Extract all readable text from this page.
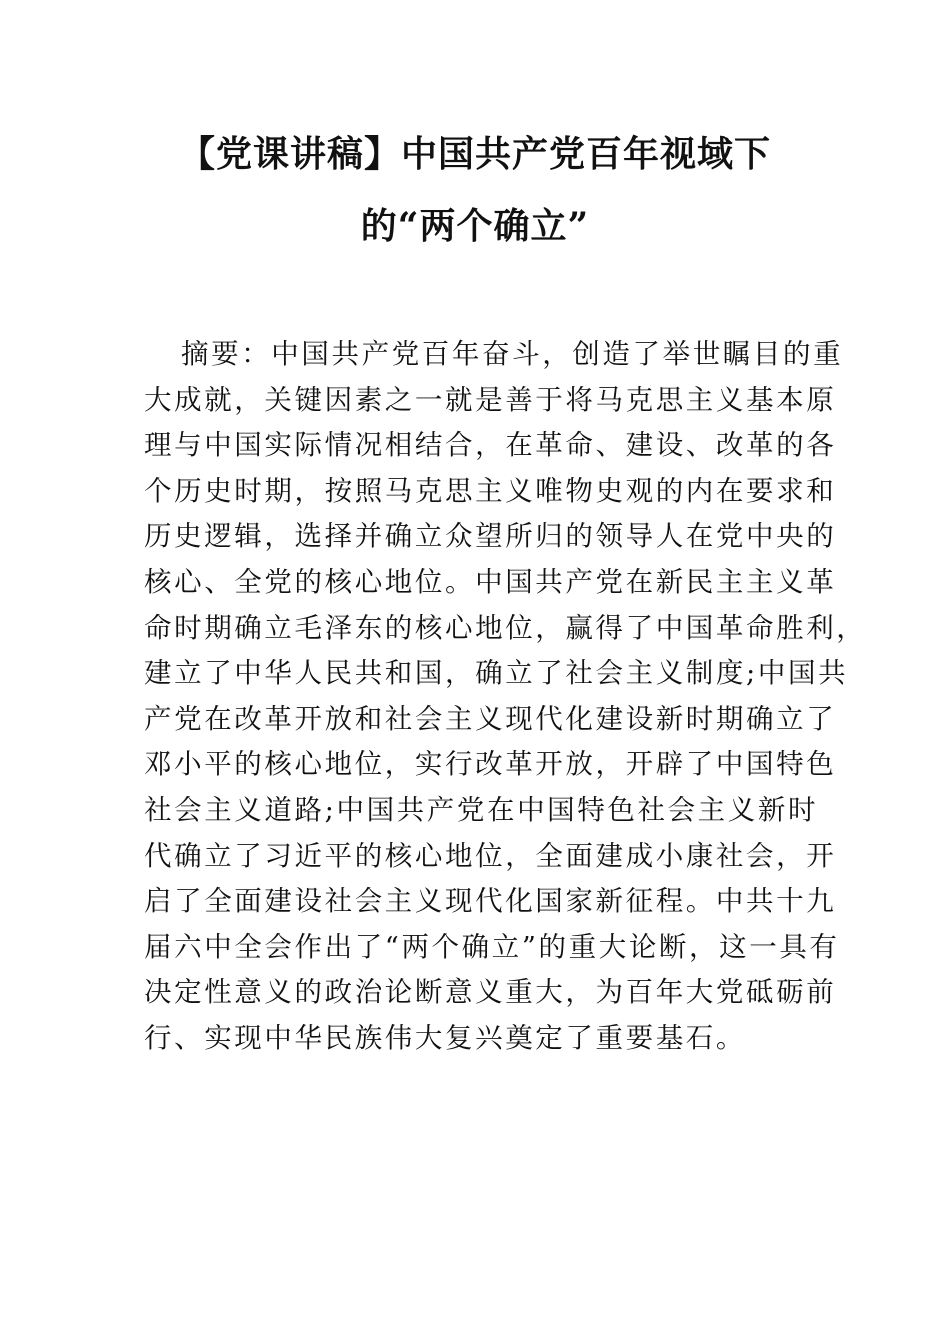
【党课讲稿】中国共产党百年视域下的“两个确立”
摘要：中国共产党百年奋斗，创造了举世瞩目的重
大成就，关键因素之一就是善于将马克思主义基本原
理与中国实际情况相结合，在革命、建设、改革的各
个历史时期，按照马克思主义唯物史观的内在要求和
历史逻辑，选择并确立众望所归的领导人在党中央的
核心、全党的核心地位。中国共产党在新民主主义革
命时期确立毛泽东的核心地位，赢得了中国革命胜利，
建立了中华人民共和国，确立了社会主义制度;中国共
产党在改革开放和社会主义现代化建设新时期确立了
邓小平的核心地位，实行改革开放，开辟了中国特色
社会主义道路;中国共产党在中国特色社会主义新时
代确立了习近平的核心地位，全面建成小康社会，开
启了全面建设社会主义现代化国家新征程。中共十九
届六中全会作出了“两个确立”的重大论断，这一具有
决定性意义的政治论断意义重大，为百年大党砥砺前
行、实现中华民族伟大复兴奠定了重要基石。
